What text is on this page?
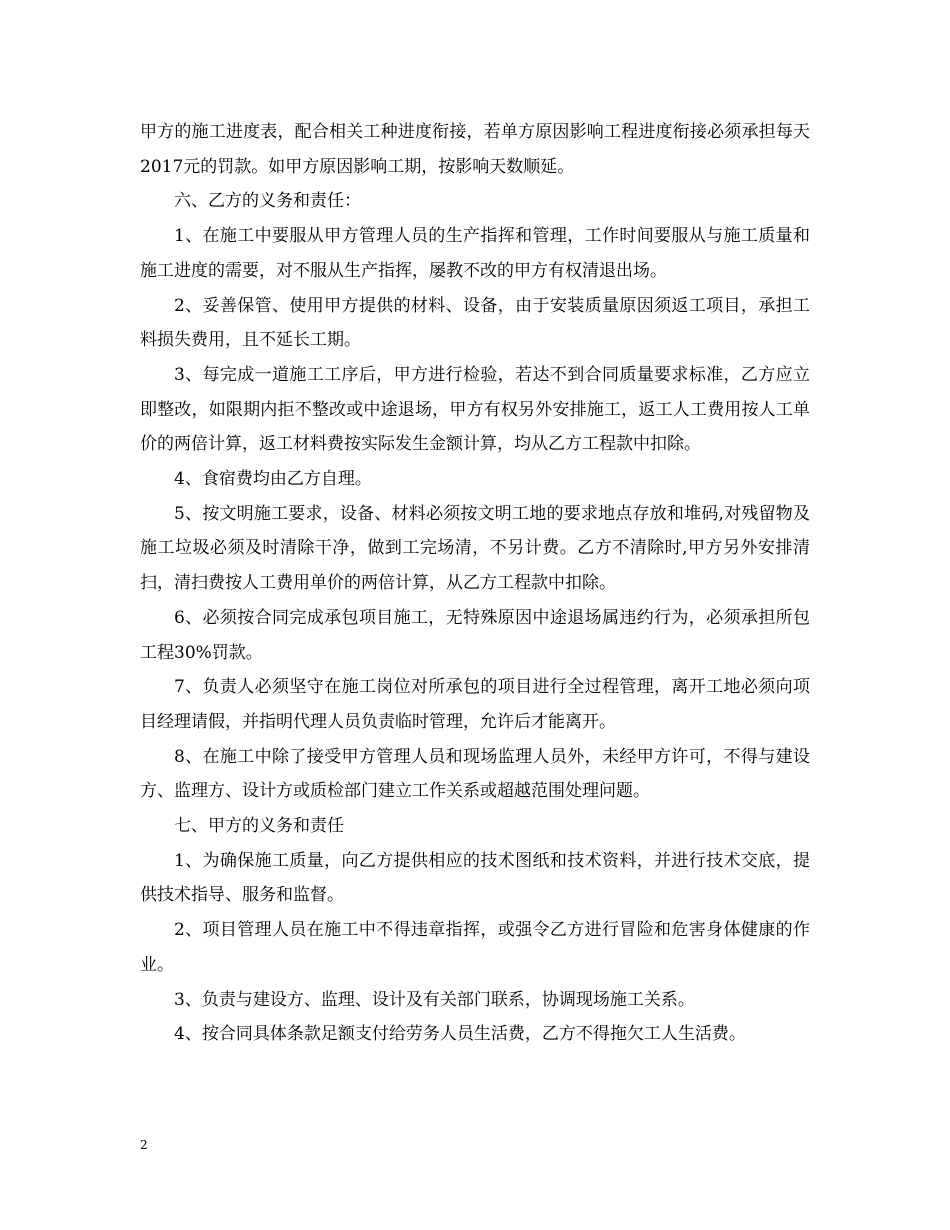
甲方的施工进度表，配合相关工种进度衔接，若单方原因影响工程进度衔接必须承担每天2017元的罚款。如甲方原因影响工期，按影响天数顺延。

六、乙方的义务和责任：

1、在施工中要服从甲方管理人员的生产指挥和管理，工作时间要服从与施工质量和施工进度的需要，对不服从生产指挥，屡教不改的甲方有权清退出场。

2、妥善保管、使用甲方提供的材料、设备，由于安装质量原因须返工项目，承担工料损失费用，且不延长工期。

3、每完成一道施工工序后，甲方进行检验，若达不到合同质量要求标准，乙方应立即整改，如限期内拒不整改或中途退场，甲方有权另外安排施工，返工人工费用按人工单价的两倍计算，返工材料费按实际发生金额计算，均从乙方工程款中扣除。

4、食宿费均由乙方自理。

5、按文明施工要求，设备、材料必须按文明工地的要求地点存放和堆码,对残留物及施工垃圾必须及时清除干净，做到工完场清，不另计费。乙方不清除时,甲方另外安排清扫，清扫费按人工费用单价的两倍计算，从乙方工程款中扣除。

6、必须按合同完成承包项目施工，无特殊原因中途退场属违约行为，必须承担所包工程30%罚款。

7、负责人必须坚守在施工岗位对所承包的项目进行全过程管理，离开工地必须向项目经理请假，并指明代理人员负责临时管理，允许后才能离开。

8、在施工中除了接受甲方管理人员和现场监理人员外，未经甲方许可，不得与建设方、监理方、设计方或质检部门建立工作关系或超越范围处理问题。

七、甲方的义务和责任

1、为确保施工质量，向乙方提供相应的技术图纸和技术资料，并进行技术交底，提供技术指导、服务和监督。

2、项目管理人员在施工中不得违章指挥，或强令乙方进行冒险和危害身体健康的作业。

3、负责与建设方、监理、设计及有关部门联系，协调现场施工关系。

4、按合同具体条款足额支付给劳务人员生活费，乙方不得拖欠工人生活费。

2
